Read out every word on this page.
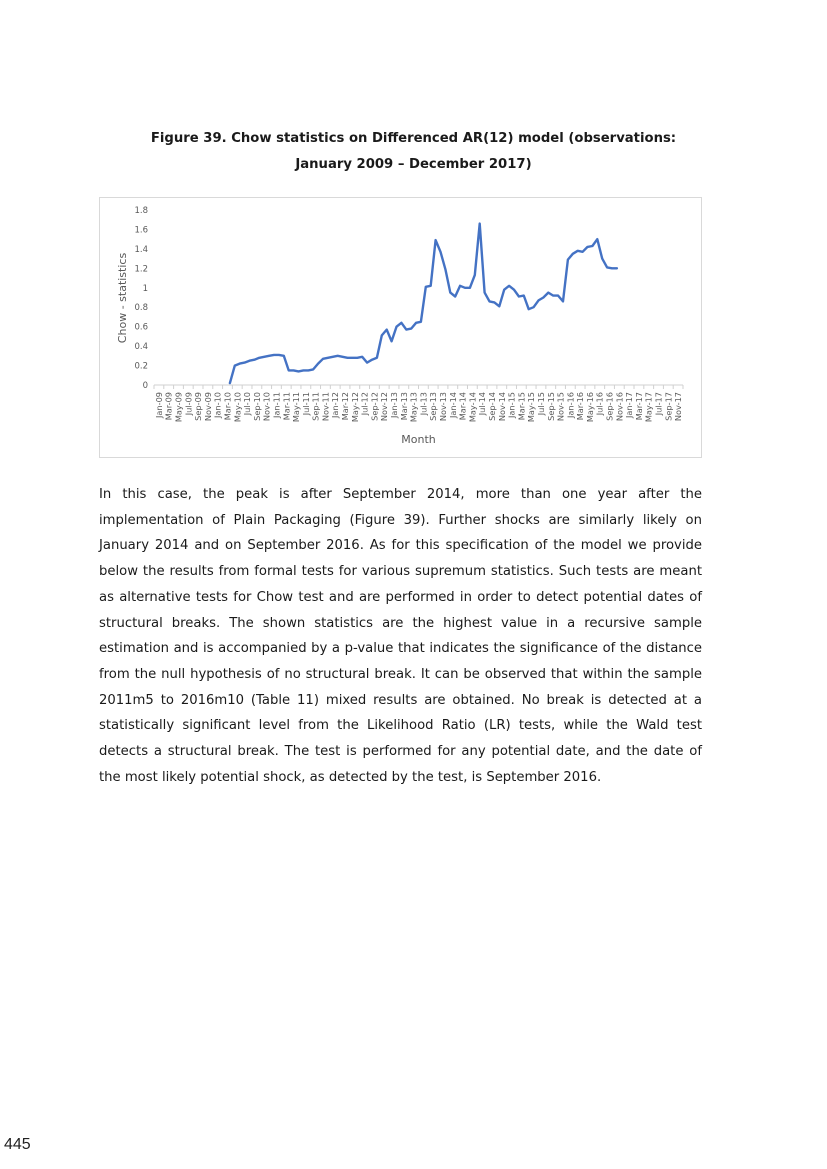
Figure 39. Chow statistics on Differenced AR(12) model (observations:
January 2009 – December 2017)
0
0.2
0.4
0.6
0.8
1
1.2
1.4
1.6
1.8
Jan-09 Mar-09 May-09 Jul-09 Sep-09 Nov-09 Jan-10 Mar-10 May-10 Jul-10 Sep-10 Nov-10 Jan-11 Mar-11 May-11 Jul-11 Sep-11 Nov-11 Jan-12 Mar-12 May-12 Jul-12 Sep-12 Nov-12 Jan-13 Mar-13 May-13 Jul-13 Sep-13 Nov-13 Jan-14 Mar-14 May-14 Jul-14 Sep-14 Nov-14 Jan-15 Mar-15 May-15 Jul-15 Sep-15 Nov-15 Jan-16 Mar-16 May-16 Jul-16 Sep-16 Nov-16 Jan-17 Mar-17 May-17 Jul-17 Sep-17 Nov-17
Chow - statistics
Month
In this case, the peak is after September 2014, more than one year after the implementation of Plain Packaging (Figure 39). Further shocks are similarly likely on January 2014 and on September 2016. As for this specification of the model we provide below the results from formal tests for various supremum statistics. Such tests are meant as alternative tests for Chow test and are performed in order to detect potential dates of structural breaks. The shown statistics are the highest value in a recursive sample estimation and is accompanied by a p-value that indicates the significance of the distance from the null hypothesis of no structural break. It can be observed that within the sample 2011m5 to 2016m10 (Table 11) mixed results are obtained. No break is detected at a statistically significant level from the Likelihood Ratio (LR) tests, while the Wald test detects a structural break. The test is performed for any potential date, and the date of the most likely potential shock, as detected by the test, is September 2016.
445
